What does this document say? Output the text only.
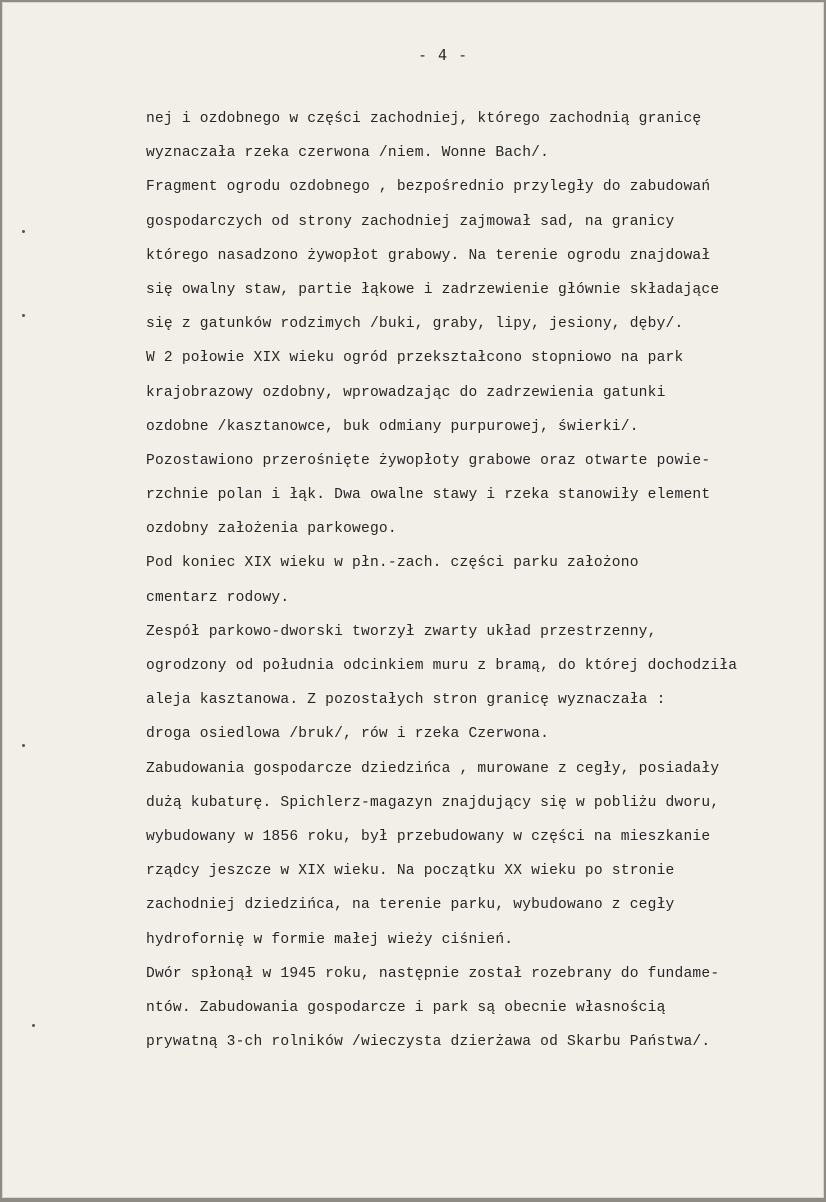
- 4 -
nej i ozdobnego w części zachodniej, którego zachodnią granicę
wyznaczała rzeka czerwona /niem. Wonne Bach/.
Fragment ogrodu ozdobnego , bezpośrednio przyległy do zabudowań
gospodarczych od strony zachodniej zajmował sad, na granicy
którego nasadzono żywopłot grabowy. Na terenie ogrodu znajdował
się owalny staw, partie łąkowe i zadrzewienie głównie składające
się z gatunków rodzimych /buki, graby, lipy, jesiony, dęby/.
W 2 połowie XIX wieku ogród przekształcono stopniowo na park
krajobrazowy ozdobny, wprowadzając do zadrzewienia gatunki
ozdobne /kasztanowce, buk odmiany purpurowej, świerki/.
Pozostawiono przerośnięte żywopłoty grabowe oraz otwarte powie-
rzchnie polan i łąk. Dwa owalne stawy i rzeka stanowiły element
ozdobny założenia parkowego.
Pod koniec XIX wieku w płn.-zach. części parku założono
cmentarz rodowy.
Zespół parkowo-dworski tworzył zwarty układ przestrzenny,
ogrodzony od południa odcinkiem muru z bramą, do której dochodziła
aleja kasztanowa. Z pozostałych stron granicę wyznaczała :
droga osiedlowa /bruk/, rów i rzeka Czerwona.
Zabudowania gospodarcze dziedzińca , murowane z cegły, posiadały
dużą kubaturę. Spichlerz-magazyn znajdujący się w pobliżu dworu,
wybudowany w 1856 roku, był przebudowany w części na mieszkanie
rządcy jeszcze w XIX wieku. Na początku XX wieku po stronie
zachodniej dziedzińca, na terenie parku, wybudowano z cegły
hydrofornię w formie małej wieży ciśnień.
Dwór spłonął w 1945 roku, następnie został rozebrany do fundame-
ntów. Zabudowania gospodarcze i park są obecnie własnością
prywatną 3-ch rolników /wieczysta dzierżawa od Skarbu Państwa/.
